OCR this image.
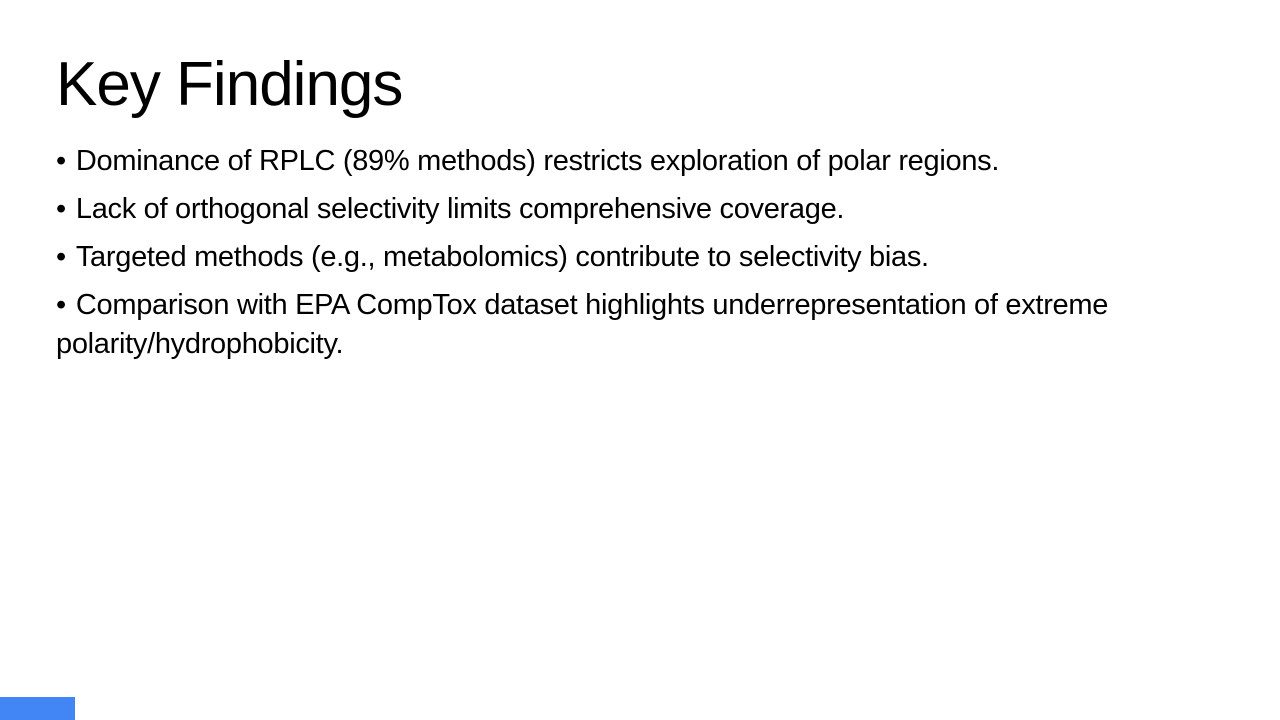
Key Findings
• Dominance of RPLC (89% methods) restricts exploration of polar regions.
• Lack of orthogonal selectivity limits comprehensive coverage.
• Targeted methods (e.g., metabolomics) contribute to selectivity bias.
• Comparison with EPA CompTox dataset highlights underrepresentation of extreme polarity/hydrophobicity.
